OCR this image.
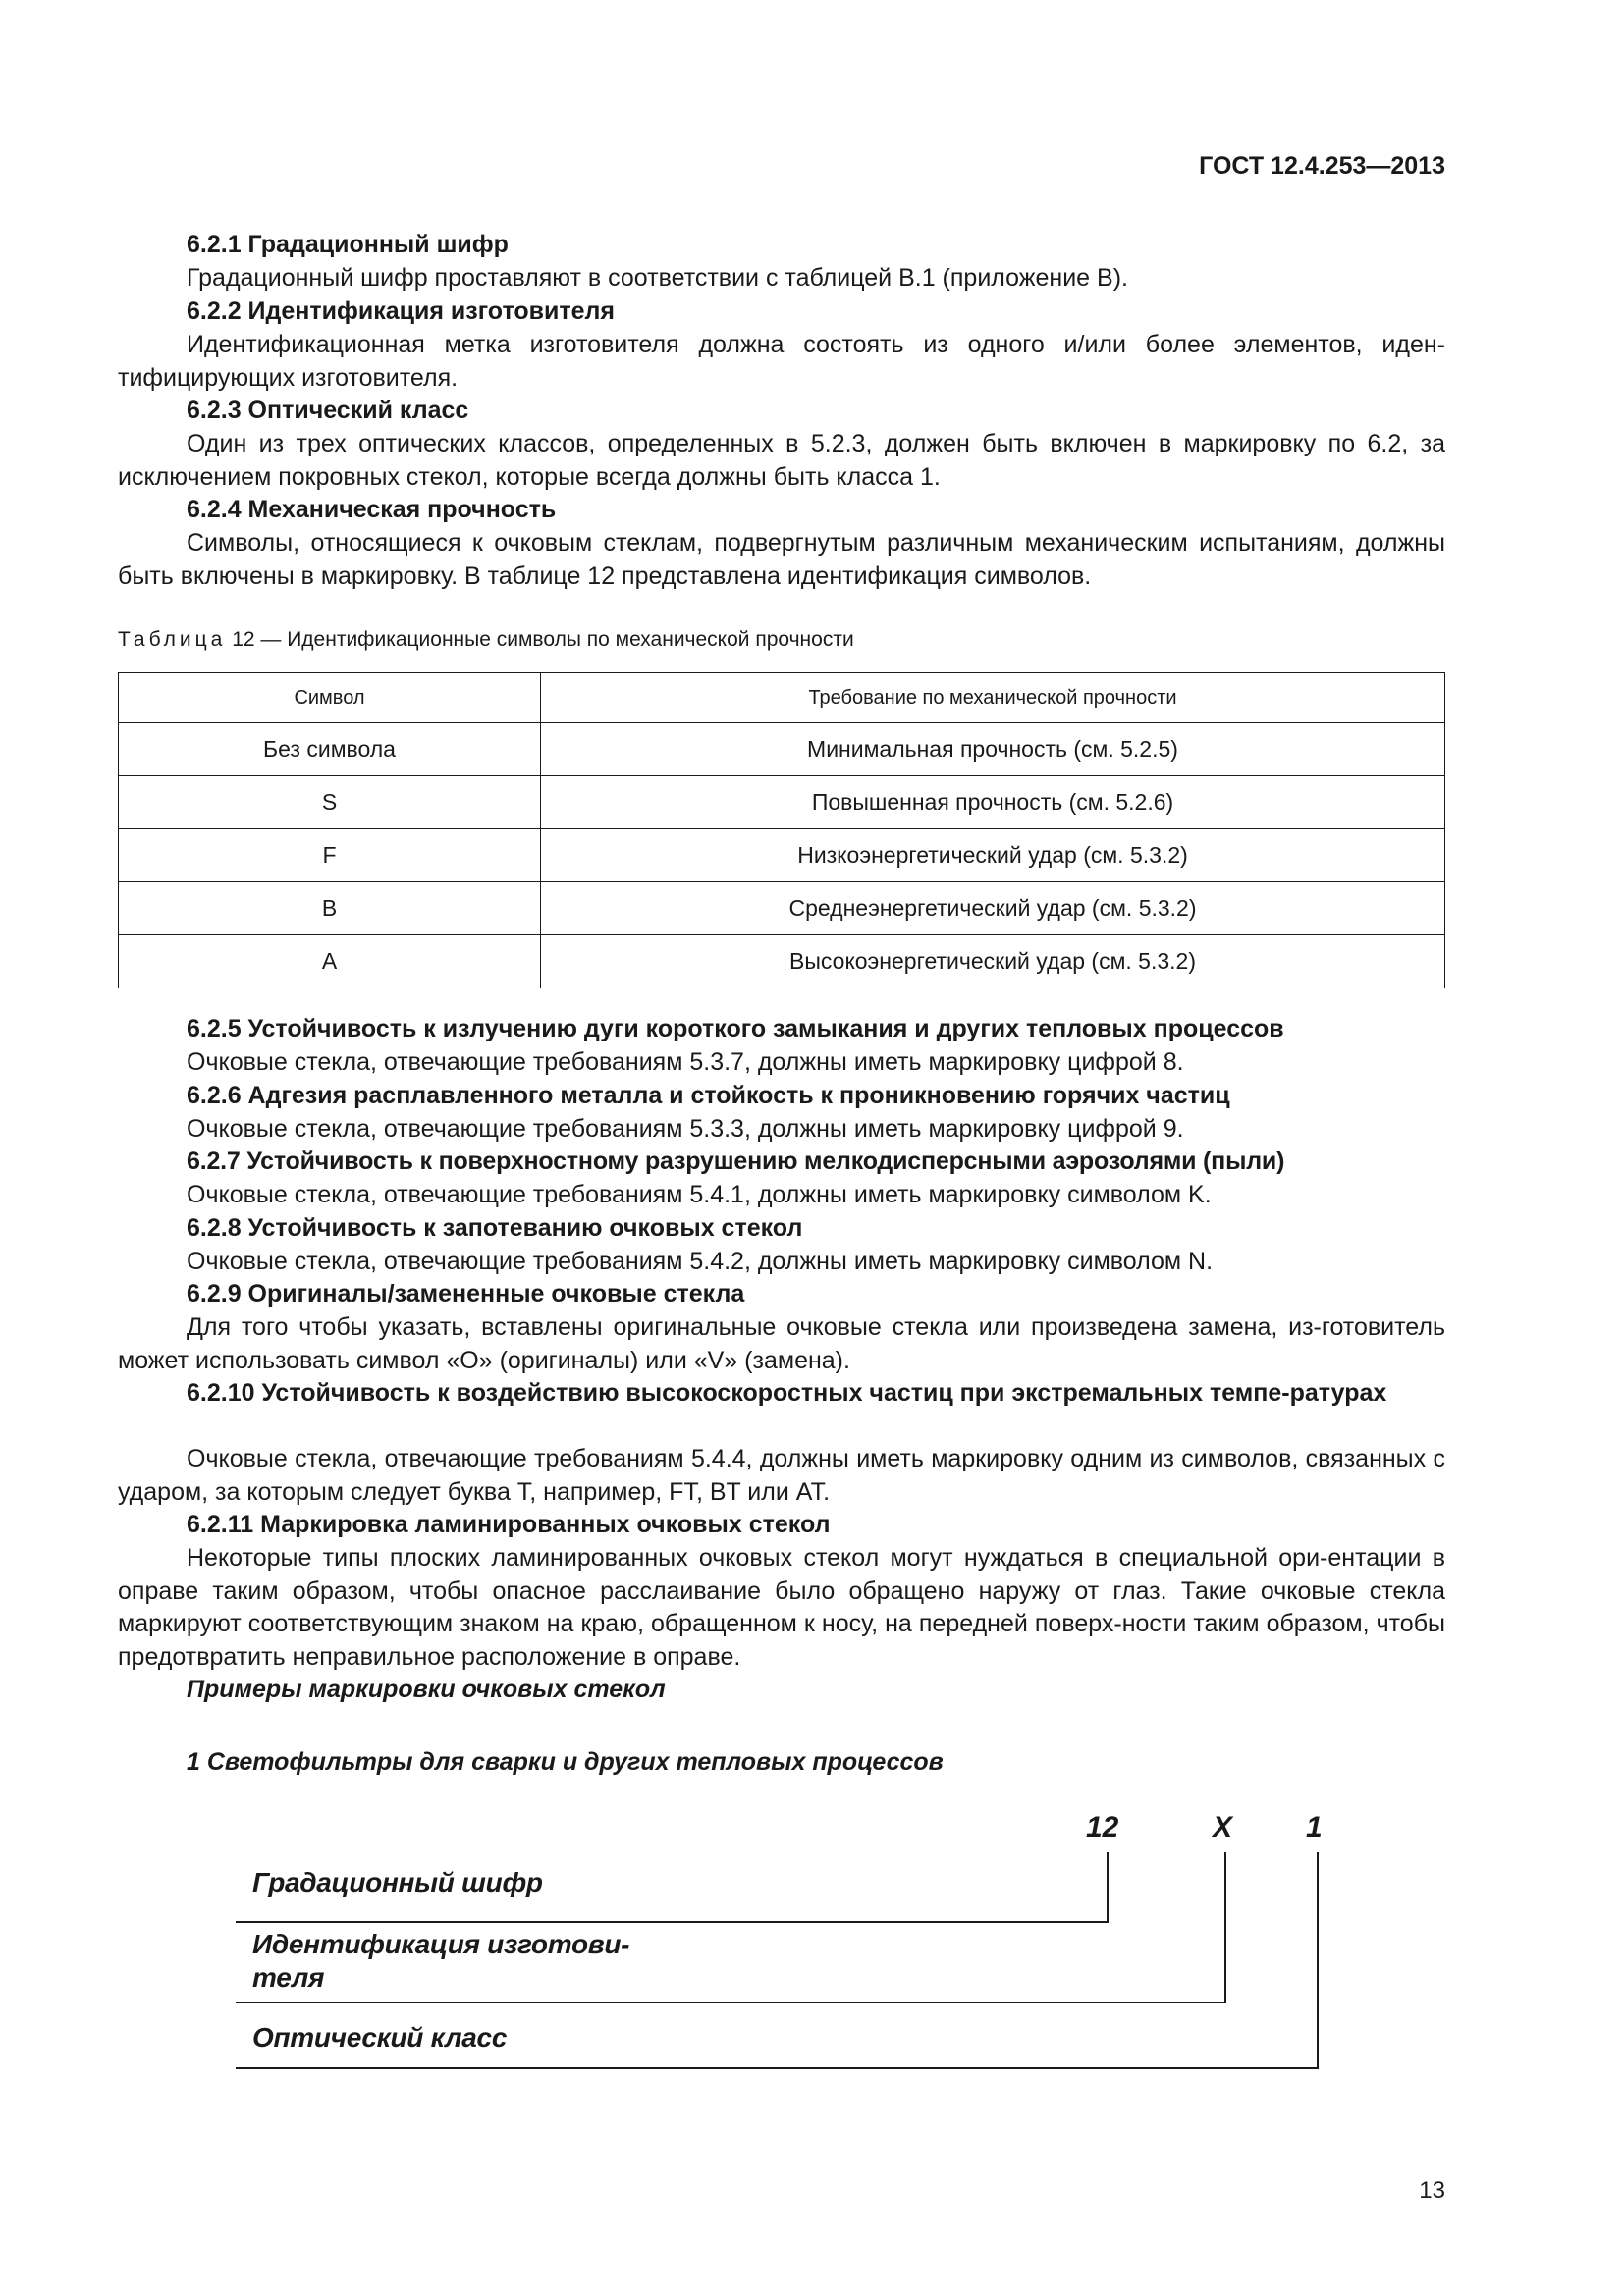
ГОСТ 12.4.253—2013
6.2.1 Градационный шифр
Градационный шифр проставляют в соответствии с таблицей В.1 (приложение В).
6.2.2 Идентификация изготовителя
Идентификационная метка изготовителя должна состоять из одного и/или более элементов, иден-тифицирующих изготовителя.
6.2.3 Оптический класс
Один из трех оптических классов, определенных в 5.2.3, должен быть включен в маркировку по 6.2, за исключением покровных стекол, которые всегда должны быть класса 1.
6.2.4 Механическая прочность
Символы, относящиеся к очковым стеклам, подвергнутым различным механическим испытаниям, должны быть включены в маркировку. В таблице 12 представлена идентификация символов.
Таблица 12 — Идентификационные символы по механической прочности
Символ	Требование по механической прочности
Без символа	Минимальная прочность (см. 5.2.5)
S	Повышенная прочность (см. 5.2.6)
F	Низкоэнергетический удар (см. 5.3.2)
B	Среднеэнергетический удар (см. 5.3.2)
A	Высокоэнергетический удар (см. 5.3.2)
6.2.5 Устойчивость к излучению дуги короткого замыкания и других тепловых процессов
Очковые стекла, отвечающие требованиям 5.3.7, должны иметь маркировку цифрой 8.
6.2.6 Адгезия расплавленного металла и стойкость к проникновению горячих частиц
Очковые стекла, отвечающие требованиям 5.3.3, должны иметь маркировку цифрой 9.
6.2.7 Устойчивость к поверхностному разрушению мелкодисперсными аэрозолями (пыли)
Очковые стекла, отвечающие требованиям 5.4.1, должны иметь маркировку символом K.
6.2.8 Устойчивость к запотеванию очковых стекол
Очковые стекла, отвечающие требованиям 5.4.2, должны иметь маркировку символом N.
6.2.9 Оригиналы/замененные очковые стекла
Для того чтобы указать, вставлены оригинальные очковые стекла или произведена замена, из-готовитель может использовать символ «O» (оригиналы) или «V» (замена).
6.2.10 Устойчивость к воздействию высокоскоростных частиц при экстремальных темпе-ратурах
Очковые стекла, отвечающие требованиям 5.4.4, должны иметь маркировку одним из символов, связанных с ударом, за которым следует буква T, например, FT, BT или AT.
6.2.11 Маркировка ламинированных очковых стекол
Некоторые типы плоских ламинированных очковых стекол могут нуждаться в специальной ори-ентации в оправе таким образом, чтобы опасное расслаивание было обращено наружу от глаз. Такие очковые стекла маркируют соответствующим знаком на краю, обращенном к носу, на передней поверх-ности таким образом, чтобы предотвратить неправильное расположение в оправе.
Примеры маркировки очковых стекол
1 Светофильтры для сварки и других тепловых процессов
12	X 1
Градационный шифр
Идентификация изготови-
теля
Оптический класс
13
